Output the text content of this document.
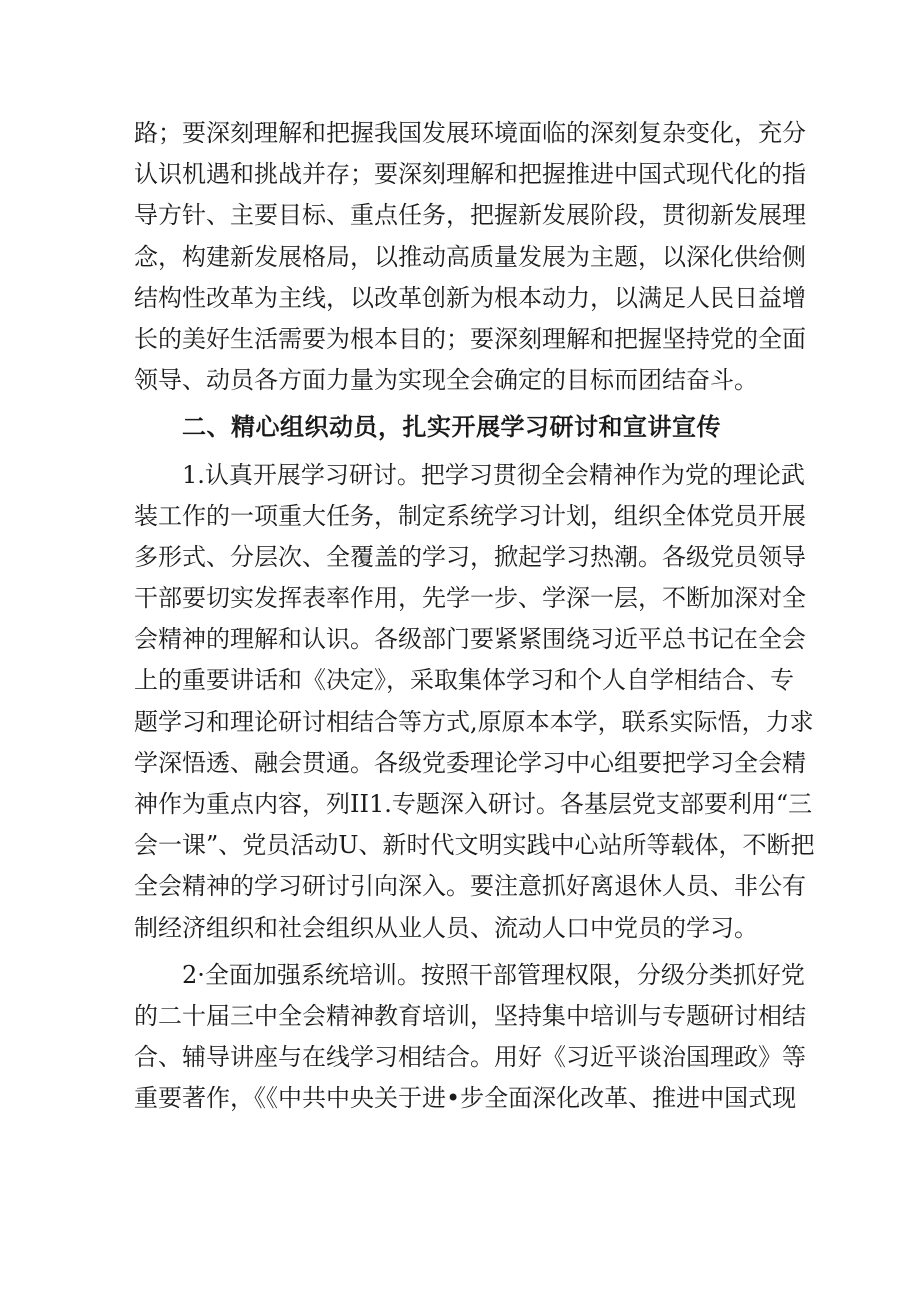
路；要深刻理解和把握我国发展环境面临的深刻复杂变化，充分
认识机遇和挑战并存；要深刻理解和把握推进中国式现代化的指
导方针、主要目标、重点任务，把握新发展阶段，贯彻新发展理
念，构建新发展格局，以推动高质量发展为主题，以深化供给侧
结构性改革为主线，以改革创新为根本动力，以满足人民日益增
长的美好生活需要为根本目的；要深刻理解和把握坚持党的全面
领导、动员各方面力量为实现全会确定的目标而团结奋斗。
二、精心组织动员，扎实开展学习研讨和宣讲宣传
1.认真开展学习研讨。把学习贯彻全会精神作为党的理论武
装工作的一项重大任务，制定系统学习计划，组织全体党员开展
多形式、分层次、全覆盖的学习，掀起学习热潮。各级党员领导
干部要切实发挥表率作用，先学一步、学深一层，不断加深对全
会精神的理解和认识。各级部门要紧紧围绕习近平总书记在全会
上的重要讲话和《决定》，采取集体学习和个人自学相结合、专
题学习和理论研讨相结合等方式,原原本本学，联系实际悟，力求
学深悟透、融会贯通。各级党委理论学习中心组要把学习全会精
神作为重点内容，列II1.专题深入研讨。各基层党支部要利用“三
会一课”、党员活动U、新时代文明实践中心站所等载体，不断把
全会精神的学习研讨引向深入。要注意抓好离退休人员、非公有
制经济组织和社会组织从业人员、流动人口中党员的学习。
2·全面加强系统培训。按照干部管理权限，分级分类抓好党
的二十届三中全会精神教育培训，坚持集中培训与专题研讨相结
合、辅导讲座与在线学习相结合。用好《习近平谈治国理政》等
重要著作，《《中共中央关于进•步全面深化改革、推进中国式现
